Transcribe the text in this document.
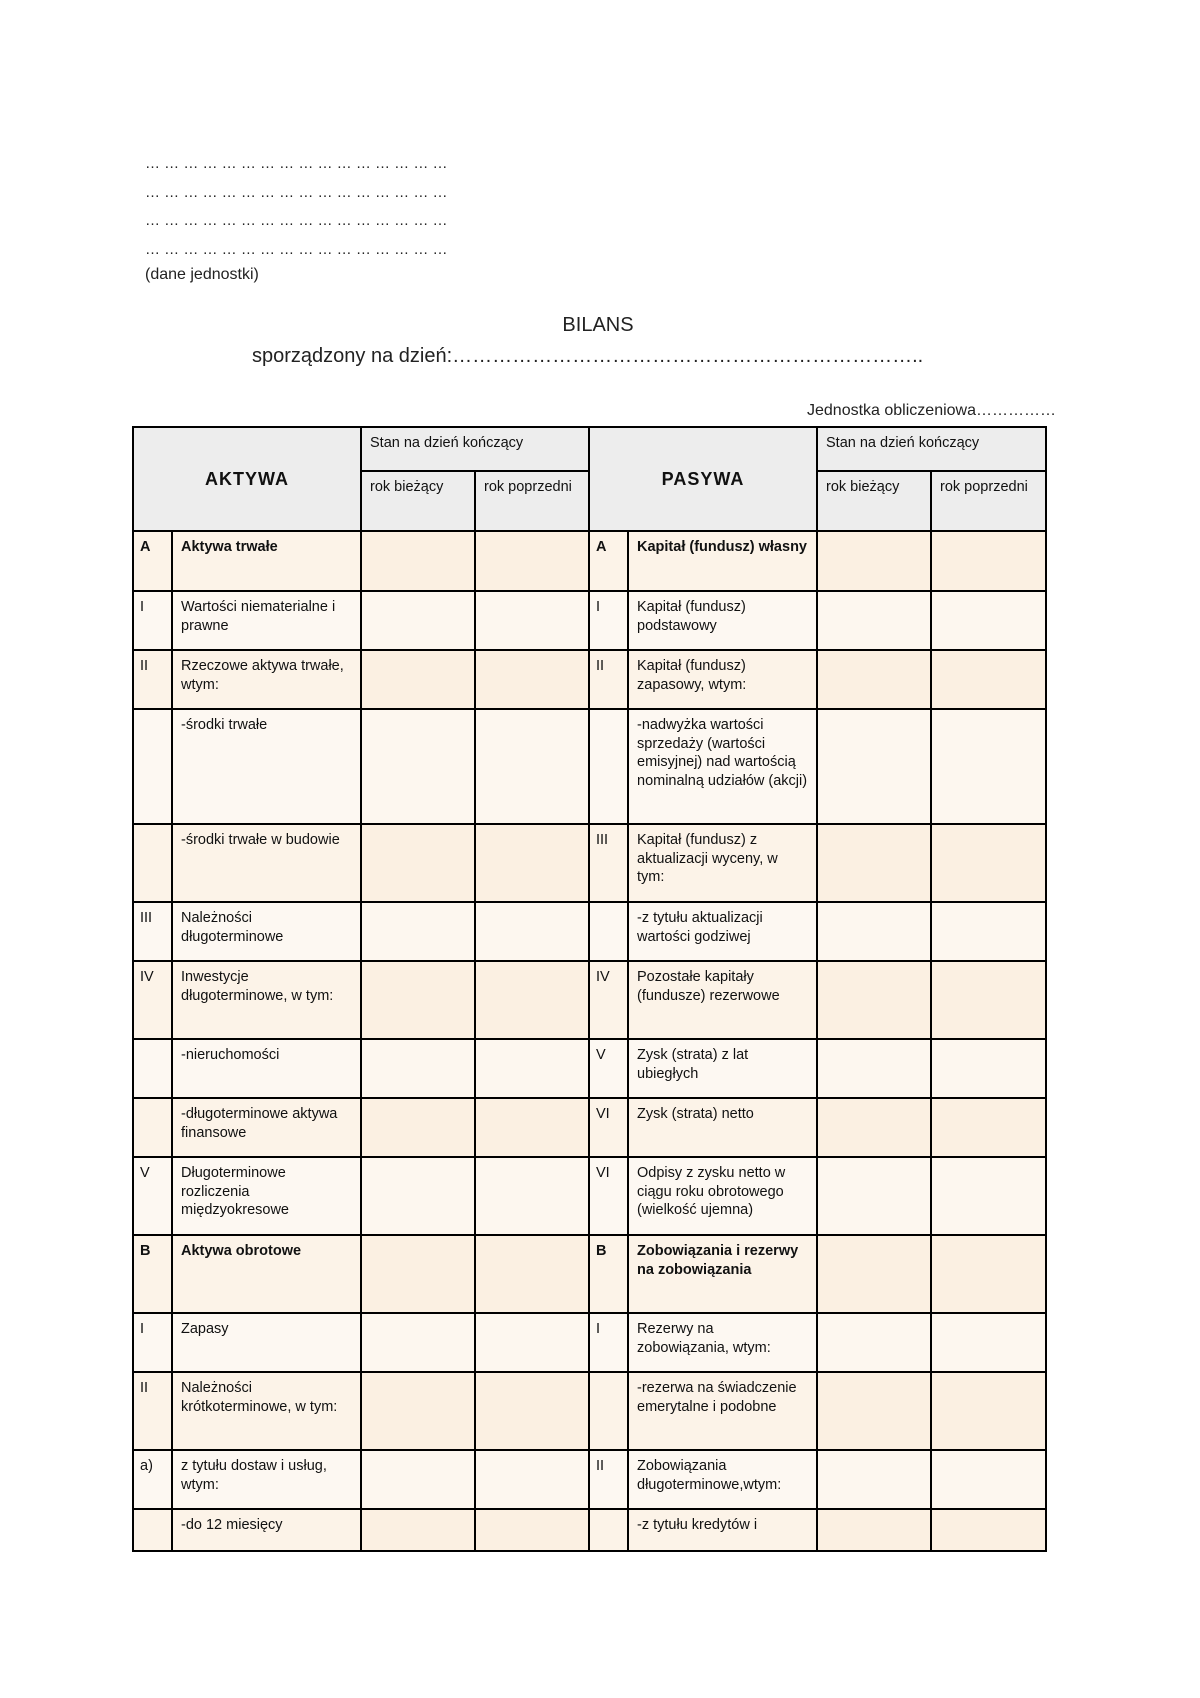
… … … … … … … … … … … … … … … …
… … … … … … … … … … … … … … … …
… … … … … … … … … … … … … … … …
… … … … … … … … … … … … … … … …
(dane jednostki)
BILANS
sporządzony na dzień:……………………………………………………………..
Jednostka obliczeniowa……………
AKTYWA		Stan na dzień kończący		PASYWA		Stan na dzień kończący	
		rok bieżący	rok poprzedni			rok bieżący	rok poprzedni
A	Aktywa trwałe			A	Kapitał (fundusz) własny		
I	Wartości niematerialne i prawne			I	Kapitał (fundusz) podstawowy		
II	Rzeczowe aktywa trwałe, wtym:			II	Kapitał (fundusz) zapasowy, wtym:		
	-środki trwałe				-nadwyżka wartości sprzedaży (wartości emisyjnej) nad wartością nominalną udziałów (akcji)		
	-środki trwałe w budowie			III	Kapitał (fundusz) z aktualizacji wyceny, w tym:		
III	Należności długoterminowe				-z tytułu aktualizacji wartości godziwej		
IV	Inwestycje długoterminowe, w tym:			IV	Pozostałe kapitały (fundusze) rezerwowe		
	-nieruchomości			V	Zysk (strata) z lat ubiegłych		
	-długoterminowe aktywa finansowe			VI	Zysk (strata) netto		
V	Długoterminowe rozliczenia międzyokresowe			VI	Odpisy z zysku netto w ciągu roku obrotowego (wielkość ujemna)		
B	Aktywa obrotowe			B	Zobowiązania i rezerwy na zobowiązania		
I	Zapasy			I	Rezerwy na zobowiązania, wtym:		
II	Należności krótkoterminowe, w tym:				-rezerwa na świadczenie emerytalne i podobne		
a)	z tytułu dostaw i usług, wtym:			II	Zobowiązania długoterminowe,wtym:		
	-do 12 miesięcy				-z tytułu kredytów i		
